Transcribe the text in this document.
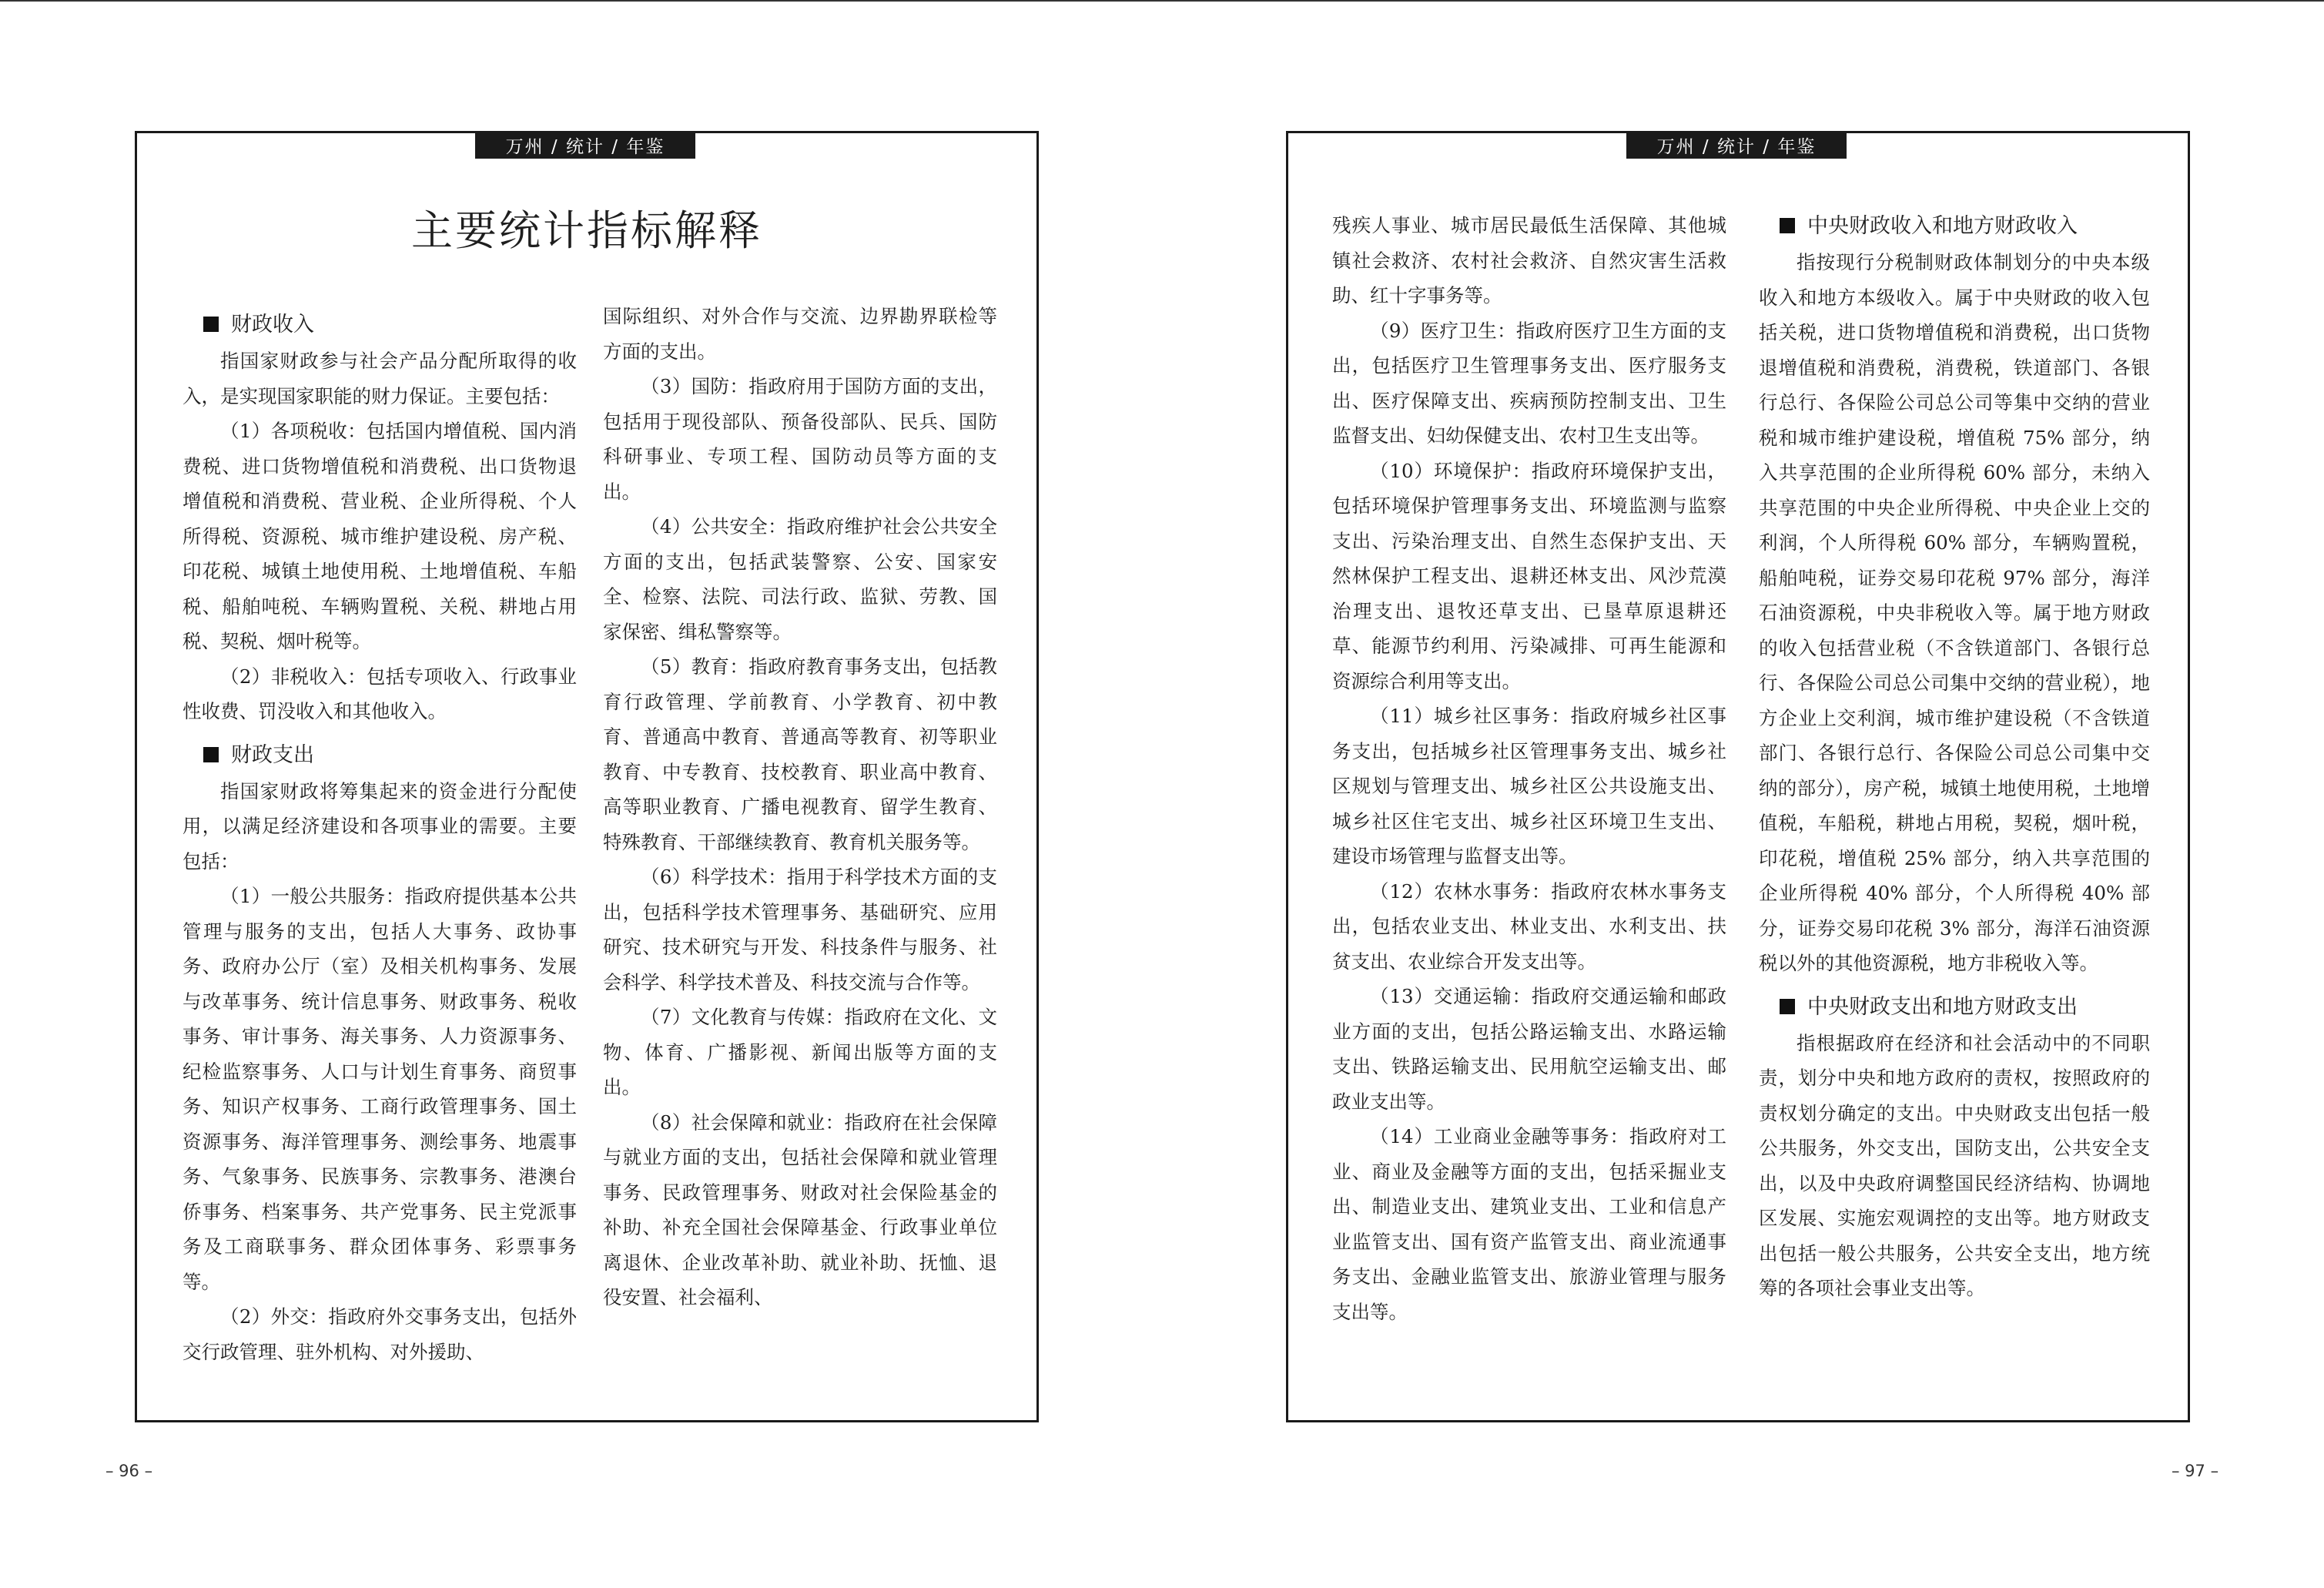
万州 / 统计 / 年鉴	万州 / 统计 / 年鉴
主要统计指标解释
财政收入

指国家财政参与社会产品分配所取得的收入，是实现国家职能的财力保证。主要包括：

（1）各项税收：包括国内增值税、国内消费税、进口货物增值税和消费税、出口货物退增值税和消费税、营业税、企业所得税、个人所得税、资源税、城市维护建设税、房产税、印花税、城镇土地使用税、土地增值税、车船税、船舶吨税、车辆购置税、关税、耕地占用税、契税、烟叶税等。

（2）非税收入：包括专项收入、行政事业性收费、罚没收入和其他收入。

财政支出

指国家财政将筹集起来的资金进行分配使用，以满足经济建设和各项事业的需要。主要包括：

（1）一般公共服务：指政府提供基本公共管理与服务的支出，包括人大事务、政协事务、政府办公厅（室）及相关机构事务、发展与改革事务、统计信息事务、财政事务、税收事务、审计事务、海关事务、人力资源事务、纪检监察事务、人口与计划生育事务、商贸事务、知识产权事务、工商行政管理事务、国土资源事务、海洋管理事务、测绘事务、地震事务、气象事务、民族事务、宗教事务、港澳台侨事务、档案事务、共产党事务、民主党派事务及工商联事务、群众团体事务、彩票事务等。

（2）外交：指政府外交事务支出，包括外交行政管理、驻外机构、对外援助、

国际组织、对外合作与交流、边界勘界联检等方面的支出。

（3）国防：指政府用于国防方面的支出，包括用于现役部队、预备役部队、民兵、国防科研事业、专项工程、国防动员等方面的支出。

（4）公共安全：指政府维护社会公共安全方面的支出，包括武装警察、公安、国家安全、检察、法院、司法行政、监狱、劳教、国家保密、缉私警察等。

（5）教育：指政府教育事务支出，包括教育行政管理、学前教育、小学教育、初中教育、普通高中教育、普通高等教育、初等职业教育、中专教育、技校教育、职业高中教育、高等职业教育、广播电视教育、留学生教育、特殊教育、干部继续教育、教育机关服务等。

（6）科学技术：指用于科学技术方面的支出，包括科学技术管理事务、基础研究、应用研究、技术研究与开发、科技条件与服务、社会科学、科学技术普及、科技交流与合作等。

（7）文化教育与传媒：指政府在文化、文物、体育、广播影视、新闻出版等方面的支出。

（8）社会保障和就业：指政府在社会保障与就业方面的支出，包括社会保障和就业管理事务、民政管理事务、财政对社会保险基金的补助、补充全国社会保障基金、行政事业单位离退休、企业改革补助、就业补助、抚恤、退役安置、社会福利、

残疾人事业、城市居民最低生活保障、其他城镇社会救济、农村社会救济、自然灾害生活救助、红十字事务等。

（9）医疗卫生：指政府医疗卫生方面的支出，包括医疗卫生管理事务支出、医疗服务支出、医疗保障支出、疾病预防控制支出、卫生监督支出、妇幼保健支出、农村卫生支出等。

（10）环境保护：指政府环境保护支出，包括环境保护管理事务支出、环境监测与监察支出、污染治理支出、自然生态保护支出、天然林保护工程支出、退耕还林支出、风沙荒漠治理支出、退牧还草支出、已垦草原退耕还草、能源节约利用、污染减排、可再生能源和资源综合利用等支出。

（11）城乡社区事务：指政府城乡社区事务支出，包括城乡社区管理事务支出、城乡社区规划与管理支出、城乡社区公共设施支出、城乡社区住宅支出、城乡社区环境卫生支出、建设市场管理与监督支出等。

（12）农林水事务：指政府农林水事务支出，包括农业支出、林业支出、水利支出、扶贫支出、农业综合开发支出等。

（13）交通运输：指政府交通运输和邮政业方面的支出，包括公路运输支出、水路运输支出、铁路运输支出、民用航空运输支出、邮政业支出等。

（14）工业商业金融等事务：指政府对工业、商业及金融等方面的支出，包括采掘业支出、制造业支出、建筑业支出、工业和信息产业监管支出、国有资产监管支出、商业流通事务支出、金融业监管支出、旅游业管理与服务支出等。

中央财政收入和地方财政收入

指按现行分税制财政体制划分的中央本级收入和地方本级收入。属于中央财政的收入包括关税，进口货物增值税和消费税，出口货物退增值税和消费税，消费税，铁道部门、各银行总行、各保险公司总公司等集中交纳的营业税和城市维护建设税，增值税 75% 部分，纳入共享范围的企业所得税 60% 部分，未纳入共享范围的中央企业所得税、中央企业上交的利润，个人所得税 60% 部分，车辆购置税，船舶吨税，证券交易印花税 97% 部分，海洋石油资源税，中央非税收入等。属于地方财政的收入包括营业税（不含铁道部门、各银行总行、各保险公司总公司集中交纳的营业税），地方企业上交利润，城市维护建设税（不含铁道部门、各银行总行、各保险公司总公司集中交纳的部分），房产税，城镇土地使用税，土地增值税，车船税，耕地占用税，契税，烟叶税，印花税，增值税 25% 部分，纳入共享范围的企业所得税 40% 部分，个人所得税 40% 部分，证券交易印花税 3% 部分，海洋石油资源税以外的其他资源税，地方非税收入等。

中央财政支出和地方财政支出

指根据政府在经济和社会活动中的不同职责，划分中央和地方政府的责权，按照政府的责权划分确定的支出。中央财政支出包括一般公共服务，外交支出，国防支出，公共安全支出，以及中央政府调整国民经济结构、协调地区发展、实施宏观调控的支出等。地方财政支出包括一般公共服务，公共安全支出，地方统筹的各项社会事业支出等。

– 96 –	– 97 –
